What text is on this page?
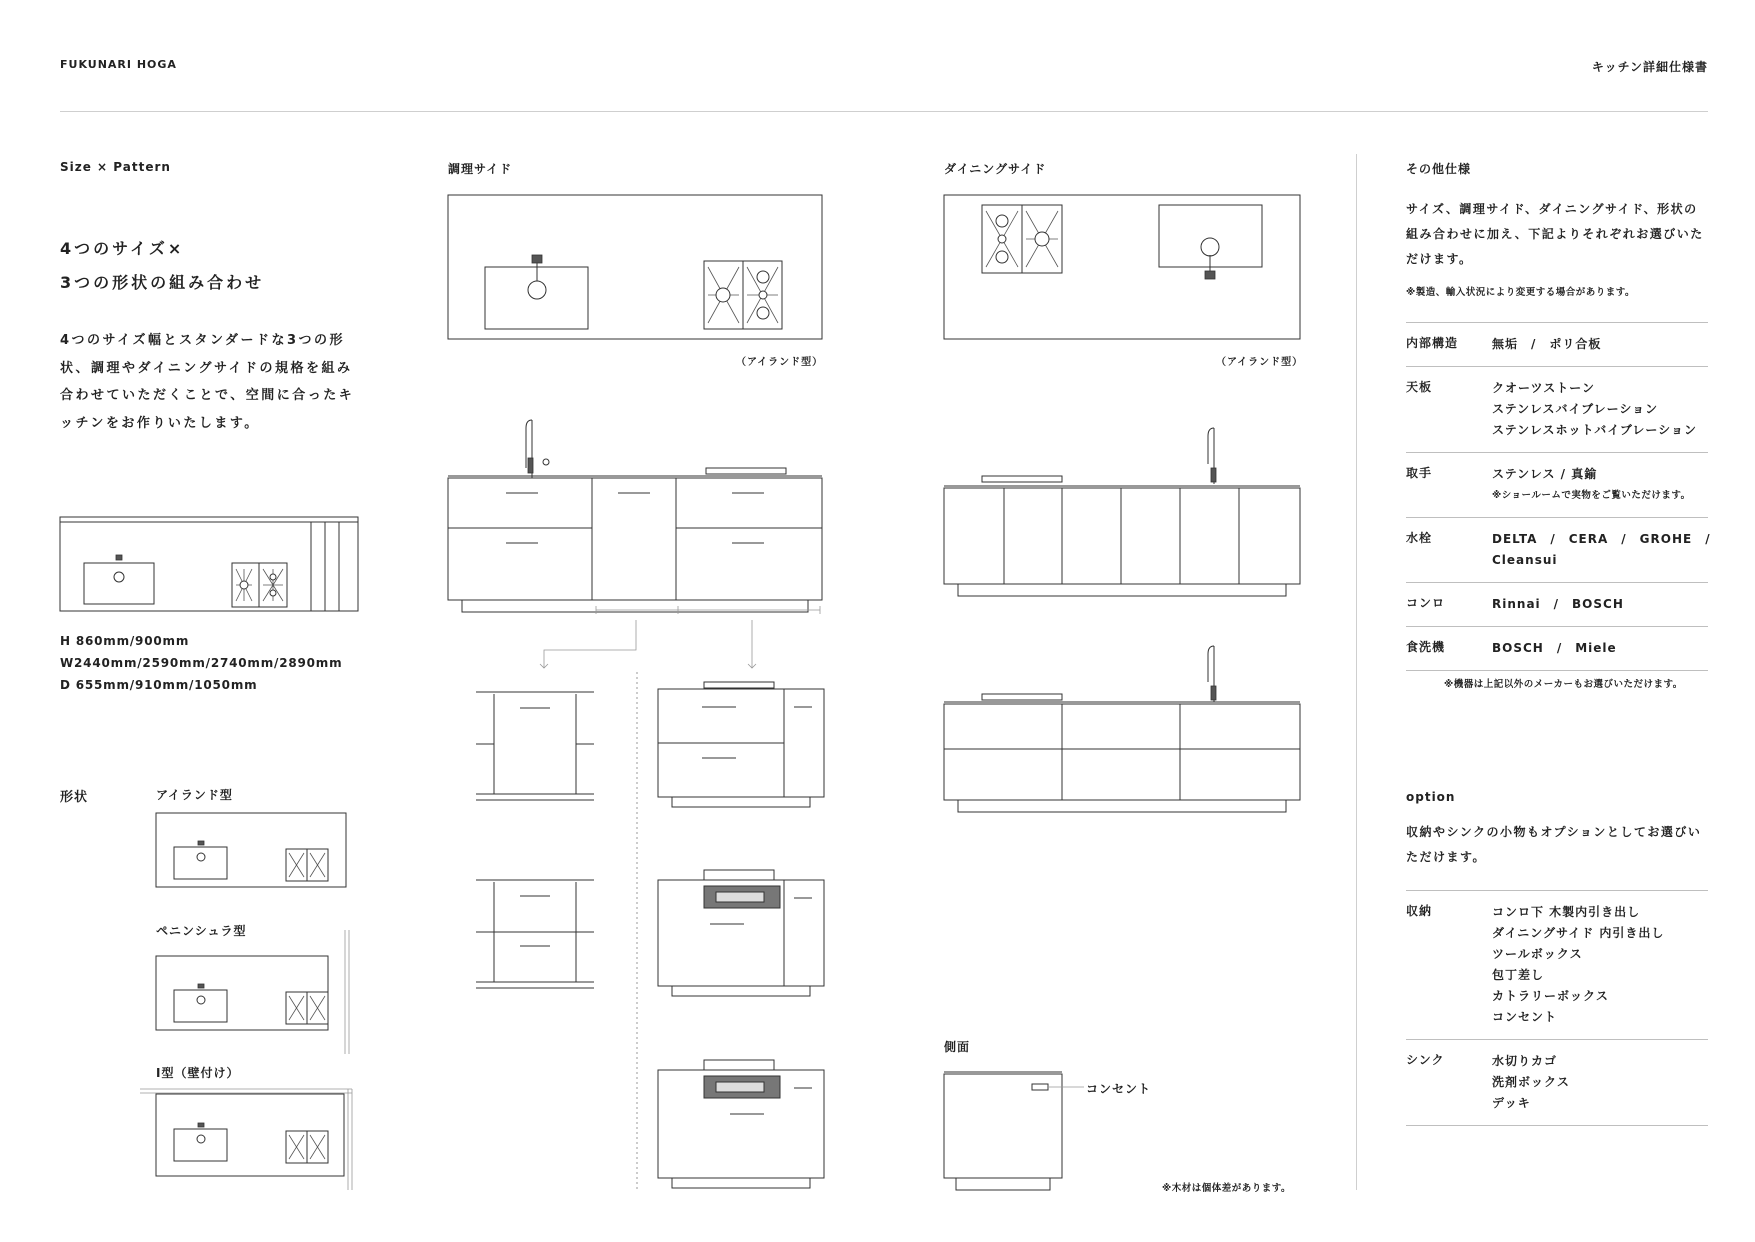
FUKUNARI HOGA	キッチン詳細仕様書
Size × Pattern
4つのサイズ×
3つの形状の組み合わせ
4つのサイズ幅とスタンダードな3つの形状、調理やダイニングサイドの規格を組み合わせていただくことで、空間に合ったキッチンをお作りいたします。
H 860mm/900mm
W2440mm/2590mm/2740mm/2890mm
D 655mm/910mm/1050mm
形状	アイランド型
ペニンシュラ型
I型（壁付け）
調理サイド
（アイランド型）
ダイニングサイド
（アイランド型）
側面
コンセント
※木材は個体差があります。
その他仕様
サイズ、調理サイド、ダイニングサイド、形状の組み合わせに加え、下記よりそれぞれお選びいただけます。
※製造、輸入状況により変更する場合があります。
内部構造	無垢　/　ポリ合板
天板	クオーツストーン
ステンレスバイブレーション
ステンレスホットバイブレーション
取手	ステンレス / 真鍮
※ショールームで実物をご覧いただけます。
水栓	DELTA　/　CERA　/　GROHE　/
Cleansui
コンロ	Rinnai　/　BOSCH
食洗機	BOSCH　/　Miele
※機器は上記以外のメーカーもお選びいただけます。
option
収納やシンクの小物もオプションとしてお選びいただけます。
収納	コンロ下 木製内引き出し
ダイニングサイド 内引き出し
ツールボックス
包丁差し
カトラリーボックス
コンセント
シンク	水切りカゴ
洗剤ボックス
デッキ
